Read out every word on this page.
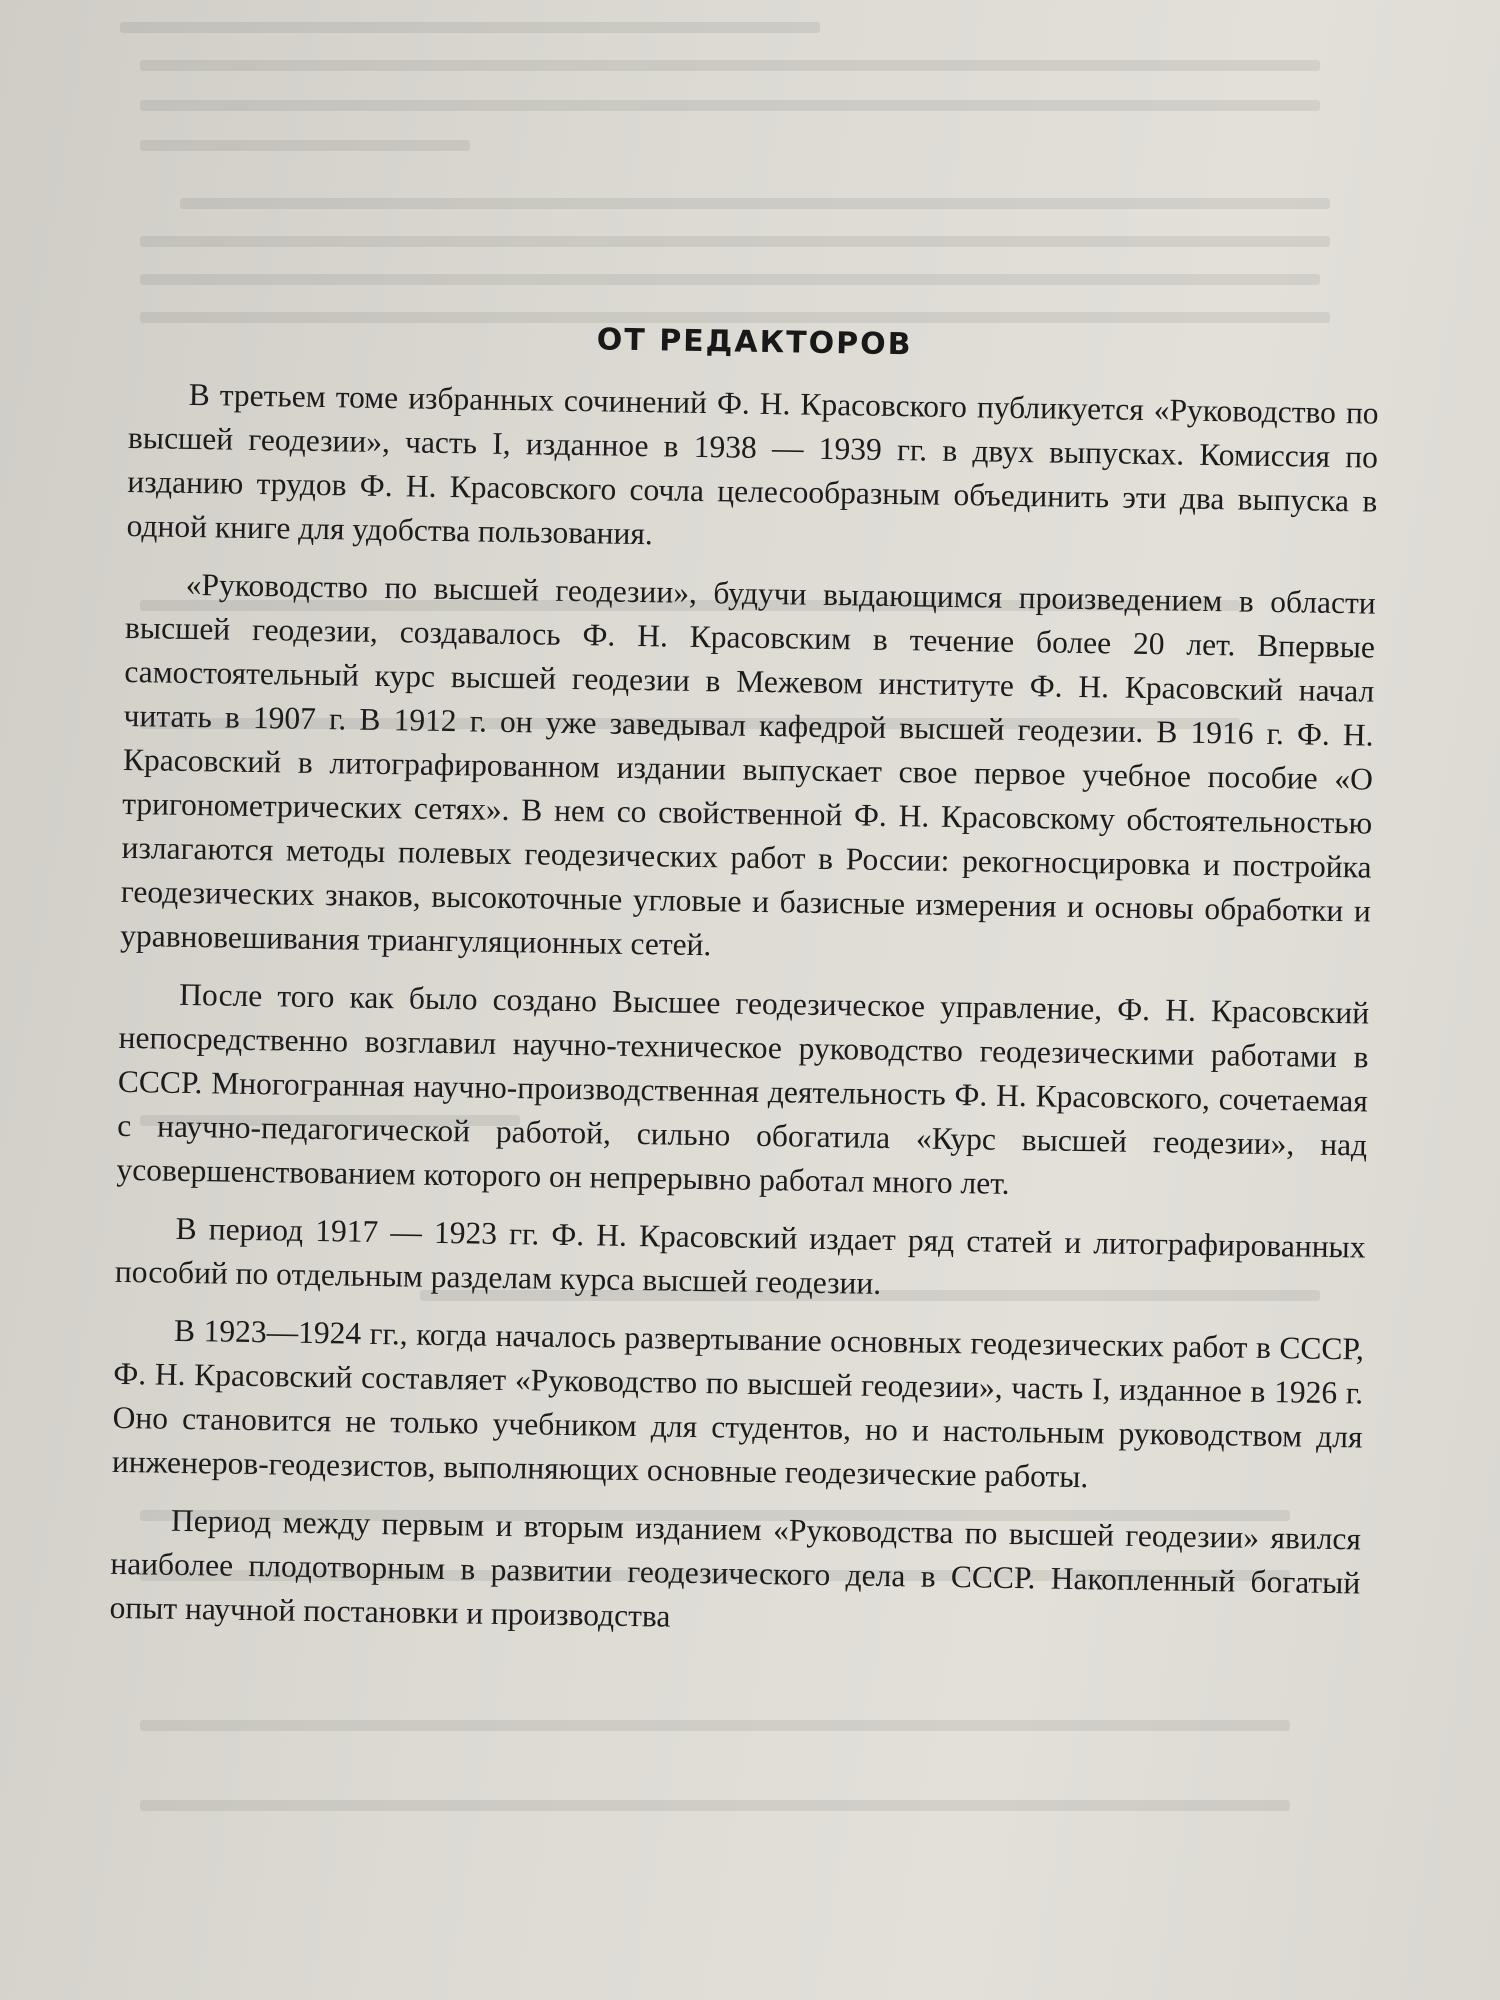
ОТ РЕДАКТОРОВ

В третьем томе избранных сочинений Ф. Н. Красовского публикуется «Руководство по высшей геодезии», часть I, изданное в 1938 — 1939 гг. в двух выпусках. Комиссия по изданию трудов Ф. Н. Красовского сочла целесообразным объединить эти два выпуска в одной книге для удобства пользования.

«Руководство по высшей геодезии», будучи выдающимся произведением в области высшей геодезии, создавалось Ф. Н. Красовским в течение более 20 лет. Впервые самостоятельный курс высшей геодезии в Межевом институте Ф. Н. Красовский начал читать в 1907 г. В 1912 г. он уже заведывал кафедрой высшей геодезии. В 1916 г. Ф. Н. Красовский в литографированном издании выпускает свое первое учебное пособие «О тригонометрических сетях». В нем со свойственной Ф. Н. Красовскому обстоятельностью излагаются методы полевых геодезических работ в России: рекогносцировка и постройка геодезических знаков, высокоточные угловые и базисные измерения и основы обработки и уравновешивания триангуляционных сетей.

После того как было создано Высшее геодезическое управление, Ф. Н. Красовский непосредственно возглавил научно-техническое руководство геодезическими работами в СССР. Многогранная научно-производственная деятельность Ф. Н. Красовского, сочетаемая с научно-педагогической работой, сильно обогатила «Курс высшей геодезии», над усовершенствованием которого он непрерывно работал много лет.

В период 1917 — 1923 гг. Ф. Н. Красовский издает ряд статей и литографированных пособий по отдельным разделам курса высшей геодезии.

В 1923—1924 гг., когда началось развертывание основных геодезических работ в СССР, Ф. Н. Красовский составляет «Руководство по высшей геодезии», часть I, изданное в 1926 г. Оно становится не только учебником для студентов, но и настольным руководством для инженеров-геодезистов, выполняющих основные геодезические работы.

Период между первым и вторым изданием «Руководства по высшей геодезии» явился наиболее плодотворным в развитии геодезического дела в СССР. Накопленный богатый опыт научной постановки и производства
